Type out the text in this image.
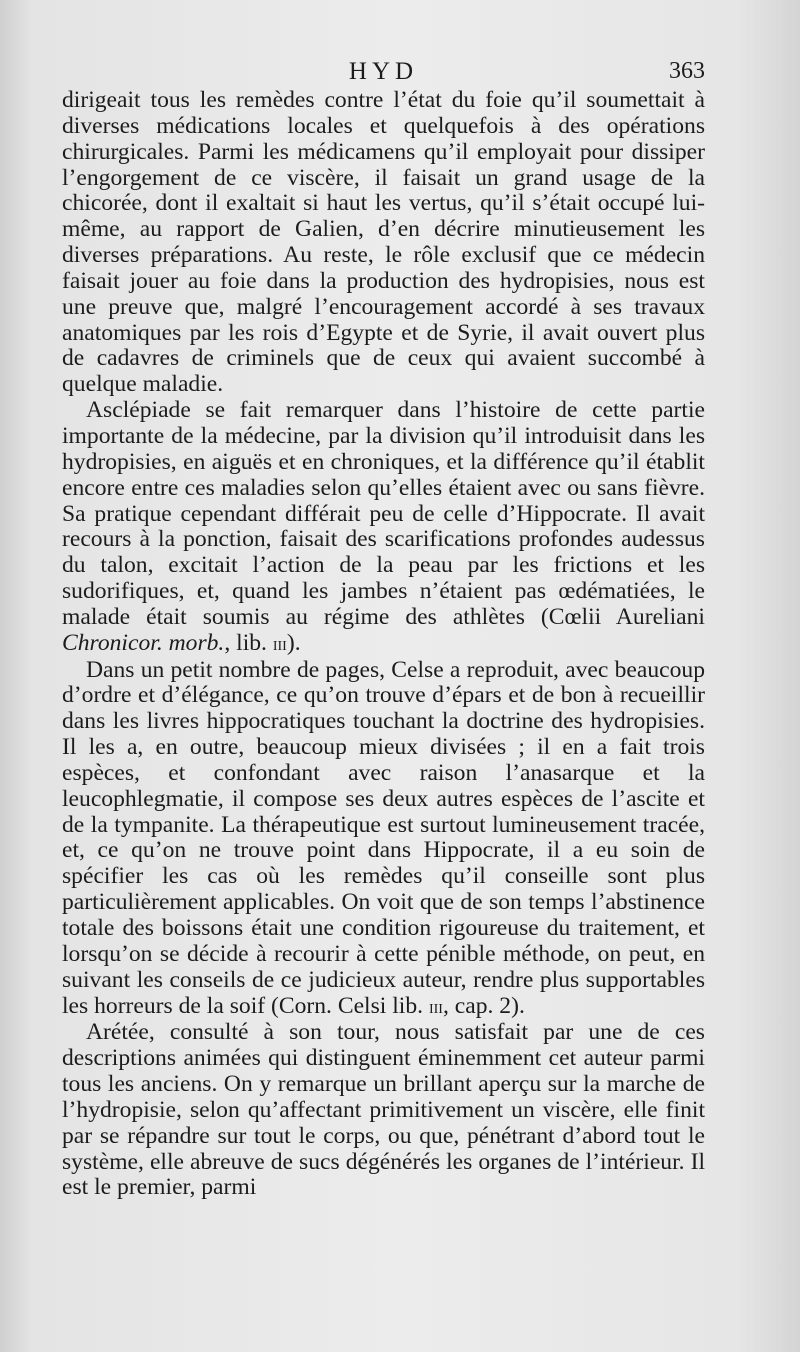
HYD	363

dirigeait tous les remèdes contre l’état du foie qu’il soumettait à diverses médications locales et quelquefois à des opérations chirurgicales. Parmi les médicamens qu’il employait pour dissiper l’engorgement de ce viscère, il faisait un grand usage de la chicorée, dont il exaltait si haut les vertus, qu’il s’était occupé lui-même, au rapport de Galien, d’en décrire minutieusement les diverses préparations. Au reste, le rôle exclusif que ce médecin faisait jouer au foie dans la production des hydropisies, nous est une preuve que, malgré l’encouragement accordé à ses travaux anatomiques par les rois d’Egypte et de Syrie, il avait ouvert plus de cadavres de criminels que de ceux qui avaient succombé à quelque maladie.

Asclépiade se fait remarquer dans l’histoire de cette partie importante de la médecine, par la division qu’il introduisit dans les hydropisies, en aiguës et en chroniques, et la différence qu’il établit encore entre ces maladies selon qu’elles étaient avec ou sans fièvre. Sa pratique cependant différait peu de celle d’Hippocrate. Il avait recours à la ponction, faisait des scarifications profondes audessus du talon, excitait l’action de la peau par les frictions et les sudorifiques, et, quand les jambes n’étaient pas œdématiées, le malade était soumis au régime des athlètes (Cœlii Aureliani Chronicor. morb., lib. iii).

Dans un petit nombre de pages, Celse a reproduit, avec beaucoup d’ordre et d’élégance, ce qu’on trouve d’épars et de bon à recueillir dans les livres hippocratiques touchant la doctrine des hydropisies. Il les a, en outre, beaucoup mieux divisées ; il en a fait trois espèces, et confondant avec raison l’anasarque et la leucophlegmatie, il compose ses deux autres espèces de l’ascite et de la tympanite. La thérapeutique est surtout lumineusement tracée, et, ce qu’on ne trouve point dans Hippocrate, il a eu soin de spécifier les cas où les remèdes qu’il conseille sont plus particulièrement applicables. On voit que de son temps l’abstinence totale des boissons était une condition rigoureuse du traitement, et lorsqu’on se décide à recourir à cette pénible méthode, on peut, en suivant les conseils de ce judicieux auteur, rendre plus supportables les horreurs de la soif (Corn. Celsi lib. iii, cap. 2).

Arétée, consulté à son tour, nous satisfait par une de ces descriptions animées qui distinguent éminemment cet auteur parmi tous les anciens. On y remarque un brillant aperçu sur la marche de l’hydropisie, selon qu’affectant primitivement un viscère, elle finit par se répandre sur tout le corps, ou que, pénétrant d’abord tout le système, elle abreuve de sucs dégénérés les organes de l’intérieur. Il est le premier, parmi
